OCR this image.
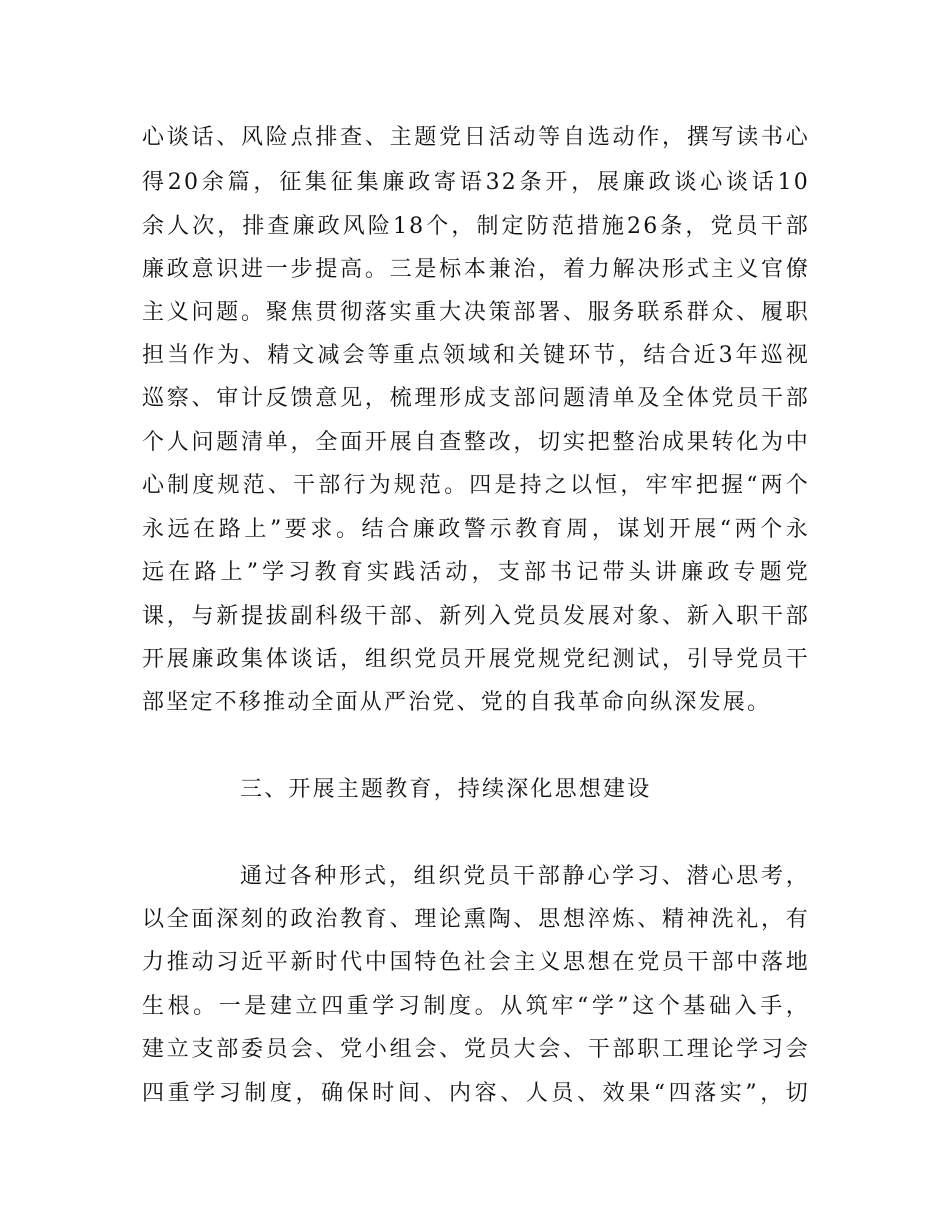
心谈话、风险点排查、主题党日活动等自选动作，撰写读书心
得20余篇，征集征集廉政寄语32条开，展廉政谈心谈话10
余人次，排查廉政风险18个，制定防范措施26条，党员干部
廉政意识进一步提高。三是标本兼治，着力解决形式主义官僚
主义问题。聚焦贯彻落实重大决策部署、服务联系群众、履职
担当作为、精文减会等重点领域和关键环节，结合近3年巡视
巡察、审计反馈意见，梳理形成支部问题清单及全体党员干部
个人问题清单，全面开展自查整改，切实把整治成果转化为中
心制度规范、干部行为规范。四是持之以恒，牢牢把握“两个
永远在路上”要求。结合廉政警示教育周，谋划开展“两个永
远在路上”学习教育实践活动，支部书记带头讲廉政专题党
课，与新提拔副科级干部、新列入党员发展对象、新入职干部
开展廉政集体谈话，组织党员开展党规党纪测试，引导党员干
部坚定不移推动全面从严治党、党的自我革命向纵深发展。
三、开展主题教育，持续深化思想建设
通过各种形式，组织党员干部静心学习、潜心思考，
以全面深刻的政治教育、理论熏陶、思想淬炼、精神洗礼，有
力推动习近平新时代中国特色社会主义思想在党员干部中落地
生根。一是建立四重学习制度。从筑牢“学”这个基础入手，
建立支部委员会、党小组会、党员大会、干部职工理论学习会
四重学习制度，确保时间、内容、人员、效果“四落实”，切
